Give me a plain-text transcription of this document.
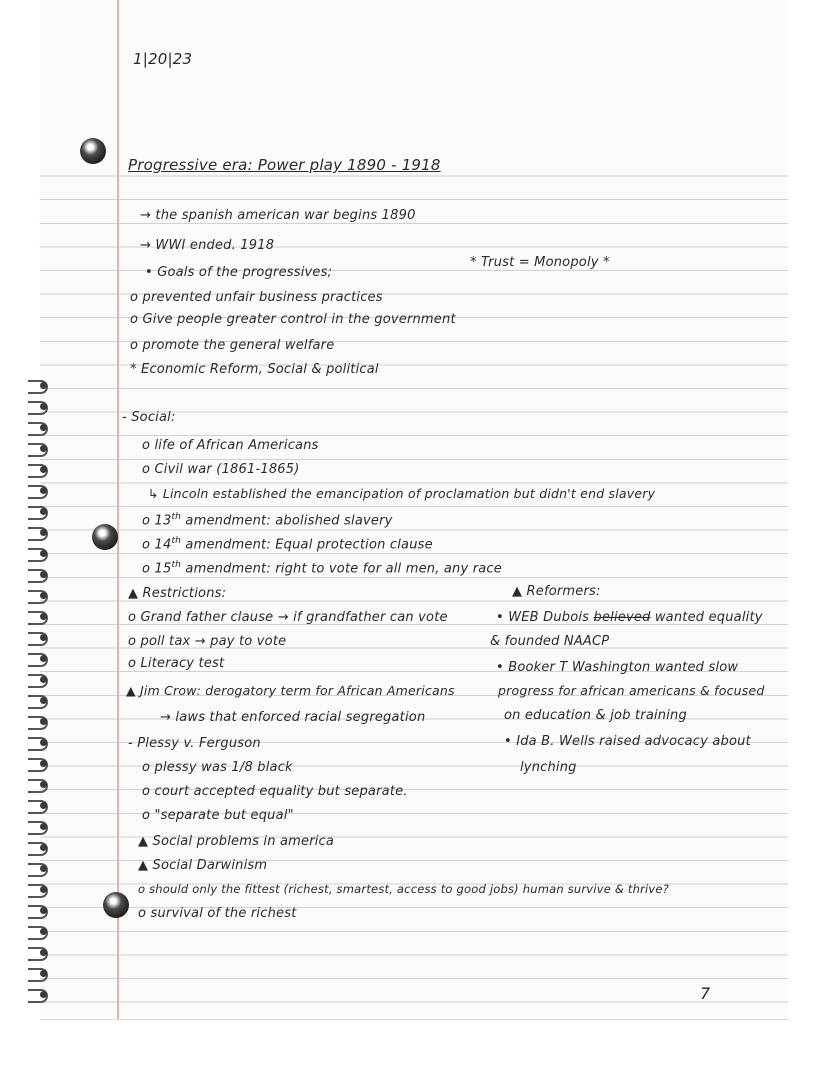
1|20|23
Progressive era: Power play 1890 - 1918
→ the spanish american war begins 1890
→ WWI ended. 1918
• Goals of the progressives;
* Trust = Monopoly *
o prevented unfair business practices
o Give people greater control in the government
o promote the general welfare
* Economic Reform, Social & political
- Social:
o life of African Americans
o Civil war (1861-1865)
↳ Lincoln established the emancipation of proclamation but didn't end slavery
o 13th amendment: abolished slavery
o 14th amendment: Equal protection clause
o 15th amendment: right to vote for all men, any race
▲ Restrictions:
o Grand father clause → if grandfather can vote
o poll tax → pay to vote
o Literacy test
▲ Jim Crow: derogatory term for African Americans
→ laws that enforced racial segregation
- Plessy v. Ferguson
o plessy was 1/8 black
o court accepted equality but separate.
o "separate but equal"
▲ Social problems in america
▲ Social Darwinism
o should only the fittest (richest, smartest, access to good jobs) human survive & thrive?
o survival of the richest
▲ Reformers:
• WEB Dubois believed wanted equality
& founded NAACP
• Booker T Washington wanted slow
progress for african americans & focused
on education & job training
• Ida B. Wells raised advocacy about
lynching
7
